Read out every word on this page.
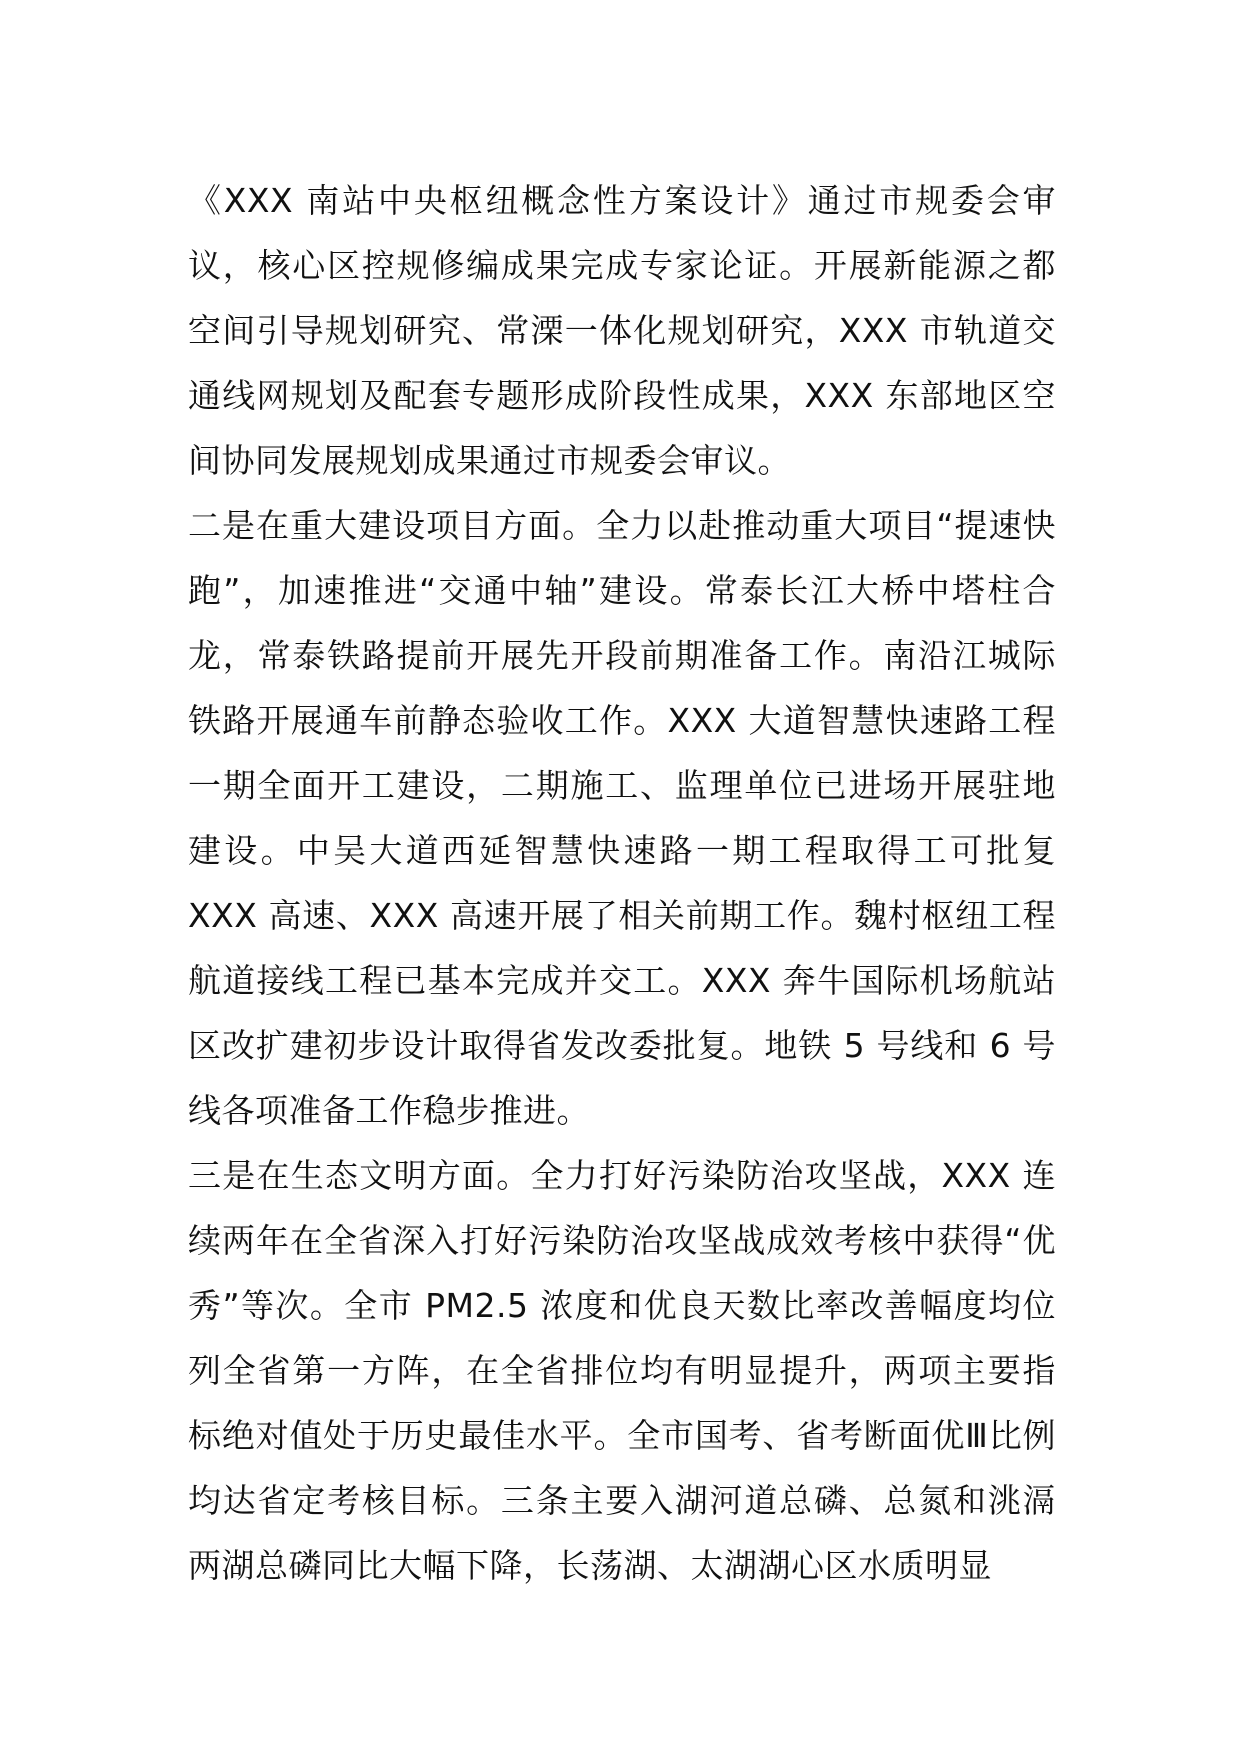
《XXX 南站中央枢纽概念性方案设计》通过市规委会审议，核心区控规修编成果完成专家论证。开展新能源之都空间引导规划研究、常溧一体化规划研究，XXX 市轨道交通线网规划及配套专题形成阶段性成果，XXX 东部地区空间协同发展规划成果通过市规委会审议。

二是在重大建设项目方面。全力以赴推动重大项目“提速快跑”，加速推进“交通中轴”建设。常泰长江大桥中塔柱合龙，常泰铁路提前开展先开段前期准备工作。南沿江城际铁路开展通车前静态验收工作。XXX 大道智慧快速路工程一期全面开工建设，二期施工、监理单位已进场开展驻地建设。中吴大道西延智慧快速路一期工程取得工可批复XXX 高速、XXX 高速开展了相关前期工作。魏村枢纽工程航道接线工程已基本完成并交工。XXX 奔牛国际机场航站区改扩建初步设计取得省发改委批复。地铁 5 号线和 6 号线各项准备工作稳步推进。

三是在生态文明方面。全力打好污染防治攻坚战，XXX 连续两年在全省深入打好污染防治攻坚战成效考核中获得“优秀”等次。全市 PM2.5 浓度和优良天数比率改善幅度均位列全省第一方阵，在全省排位均有明显提升，两项主要指标绝对值处于历史最佳水平。全市国考、省考断面优Ⅲ比例均达省定考核目标。三条主要入湖河道总磷、总氮和洮滆两湖总磷同比大幅下降，长荡湖、太湖湖心区水质明显
